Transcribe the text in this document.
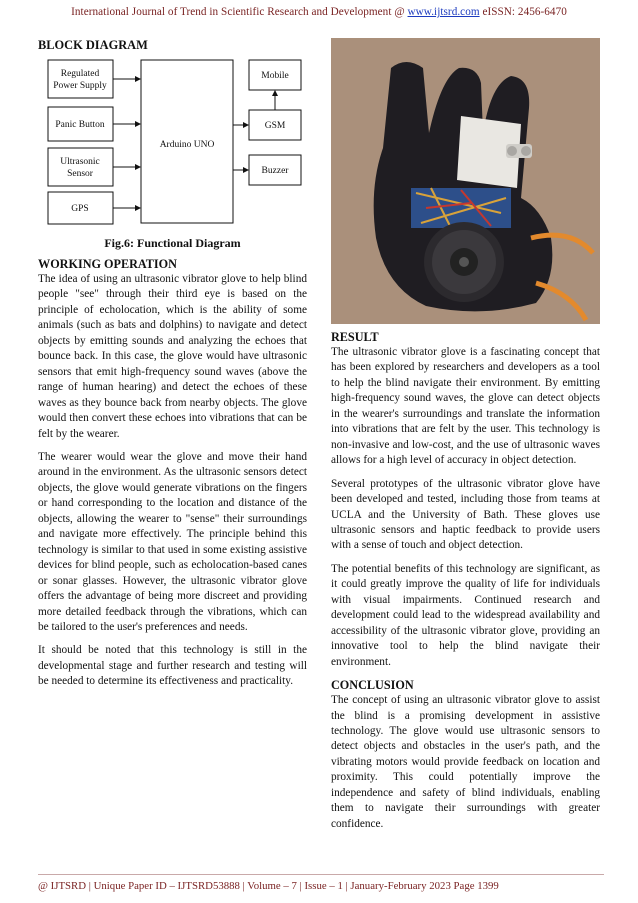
International Journal of Trend in Scientific Research and Development @ www.ijtsrd.com eISSN: 2456-6470
BLOCK DIAGRAM
Regulated
Power Supply
Panic Button
Ultrasonic
Sensor
GPS
Arduino UNO
Mobile
GSM
Buzzer
Fig.6: Functional Diagram
WORKING OPERATION

The idea of using an ultrasonic vibrator glove to help blind people "see" through their third eye is based on the principle of echolocation, which is the ability of some animals (such as bats and dolphins) to navigate and detect objects by emitting sounds and analyzing the echoes that bounce back. In this case, the glove would have ultrasonic sensors that emit high-frequency sound waves (above the range of human hearing) and detect the echoes of these waves as they bounce back from nearby objects. The glove would then convert these echoes into vibrations that can be felt by the wearer.

The wearer would wear the glove and move their hand around in the environment. As the ultrasonic sensors detect objects, the glove would generate vibrations on the fingers or hand corresponding to the location and distance of the objects, allowing the wearer to "sense" their surroundings and navigate more effectively. The principle behind this technology is similar to that used in some existing assistive devices for blind people, such as echolocation-based canes or sonar glasses. However, the ultrasonic vibrator glove offers the advantage of being more discreet and providing more detailed feedback through the vibrations, which can be tailored to the user's preferences and needs.

It should be noted that this technology is still in the developmental stage and further research and testing will be needed to determine its effectiveness and practicality.

RESULT

The ultrasonic vibrator glove is a fascinating concept that has been explored by researchers and developers as a tool to help the blind navigate their environment. By emitting high-frequency sound waves, the glove can detect objects in the wearer's surroundings and translate the information into vibrations that are felt by the user. This technology is non-invasive and low-cost, and the use of ultrasonic waves allows for a high level of accuracy in object detection.

Several prototypes of the ultrasonic vibrator glove have been developed and tested, including those from teams at UCLA and the University of Bath. These gloves use ultrasonic sensors and haptic feedback to provide users with a sense of touch and object detection.

The potential benefits of this technology are significant, as it could greatly improve the quality of life for individuals with visual impairments. Continued research and development could lead to the widespread availability and accessibility of the ultrasonic vibrator glove, providing an innovative tool to help the blind navigate their environment.

CONCLUSION

The concept of using an ultrasonic vibrator glove to assist the blind is a promising development in assistive technology. The glove would use ultrasonic sensors to detect objects and obstacles in the user's path, and the vibrating motors would provide feedback on location and proximity. This could potentially improve the independence and safety of blind individuals, enabling them to navigate their surroundings with greater confidence.

@ IJTSRD | Unique Paper ID – IJTSRD53888 | Volume – 7 | Issue – 1 | January-February 2023 Page 1399
